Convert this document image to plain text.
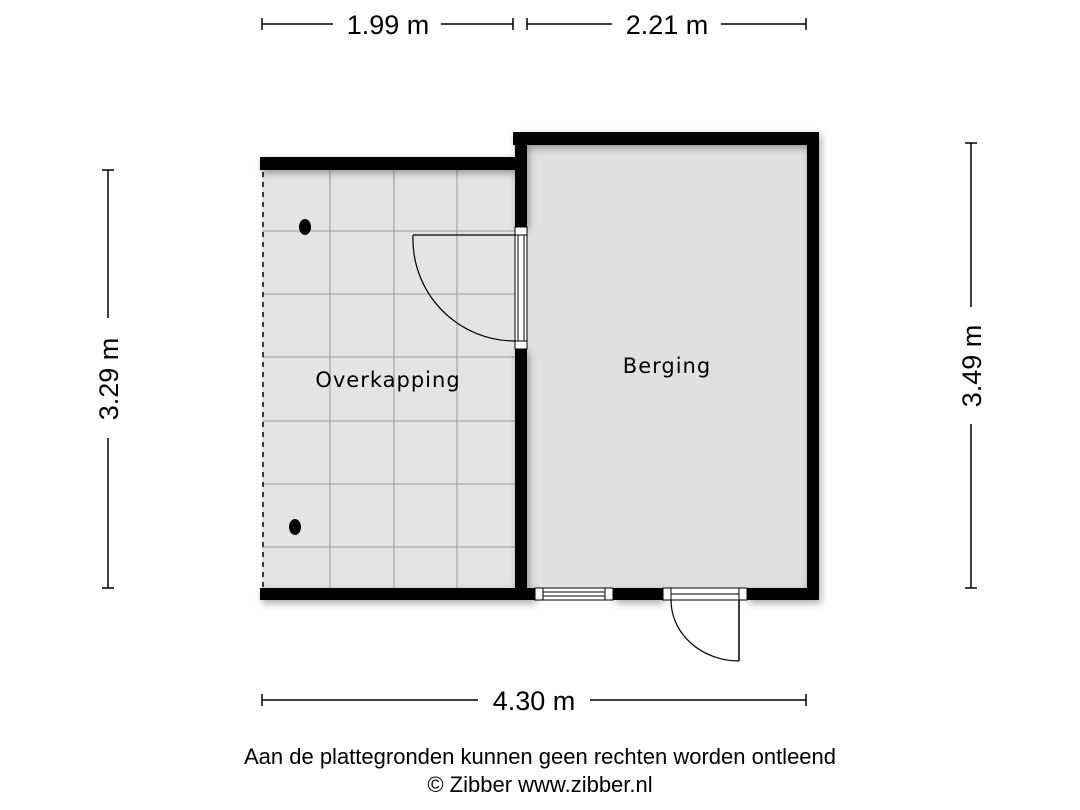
1.99 m	2.21 m
3.29 m	3.49 m
4.30 m
Overkapping
Berging
Aan de plattegronden kunnen geen rechten worden ontleend
© Zibber www.zibber.nl
